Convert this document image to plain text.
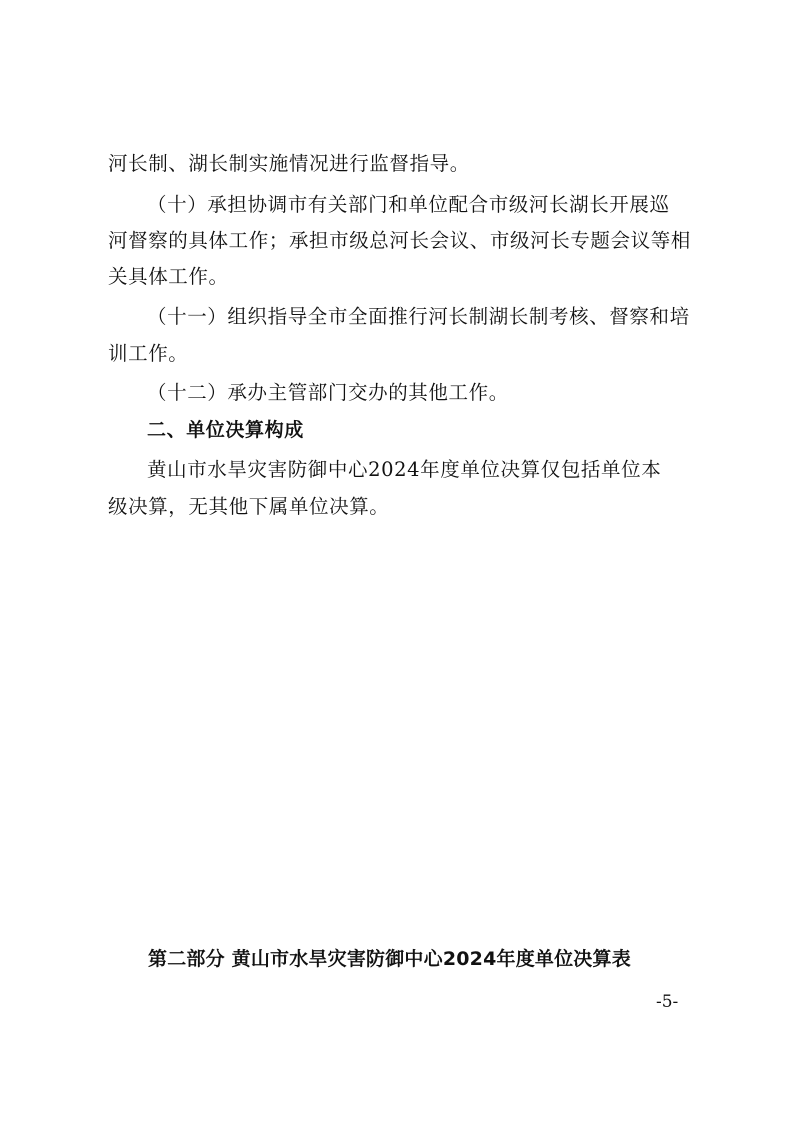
河长制、湖长制实施情况进行监督指导。
（十）承担协调市有关部门和单位配合市级河长湖长开展巡
河督察的具体工作；承担市级总河长会议、市级河长专题会议等相
关具体工作。
（十一）组织指导全市全面推行河长制湖长制考核、督察和培
训工作。
（十二）承办主管部门交办的其他工作。
二、单位决算构成
黄山市水旱灾害防御中心2024年度单位决算仅包括单位本
级决算，无其他下属单位决算。
第二部分 黄山市水旱灾害防御中心2024年度单位决算表
-5-
